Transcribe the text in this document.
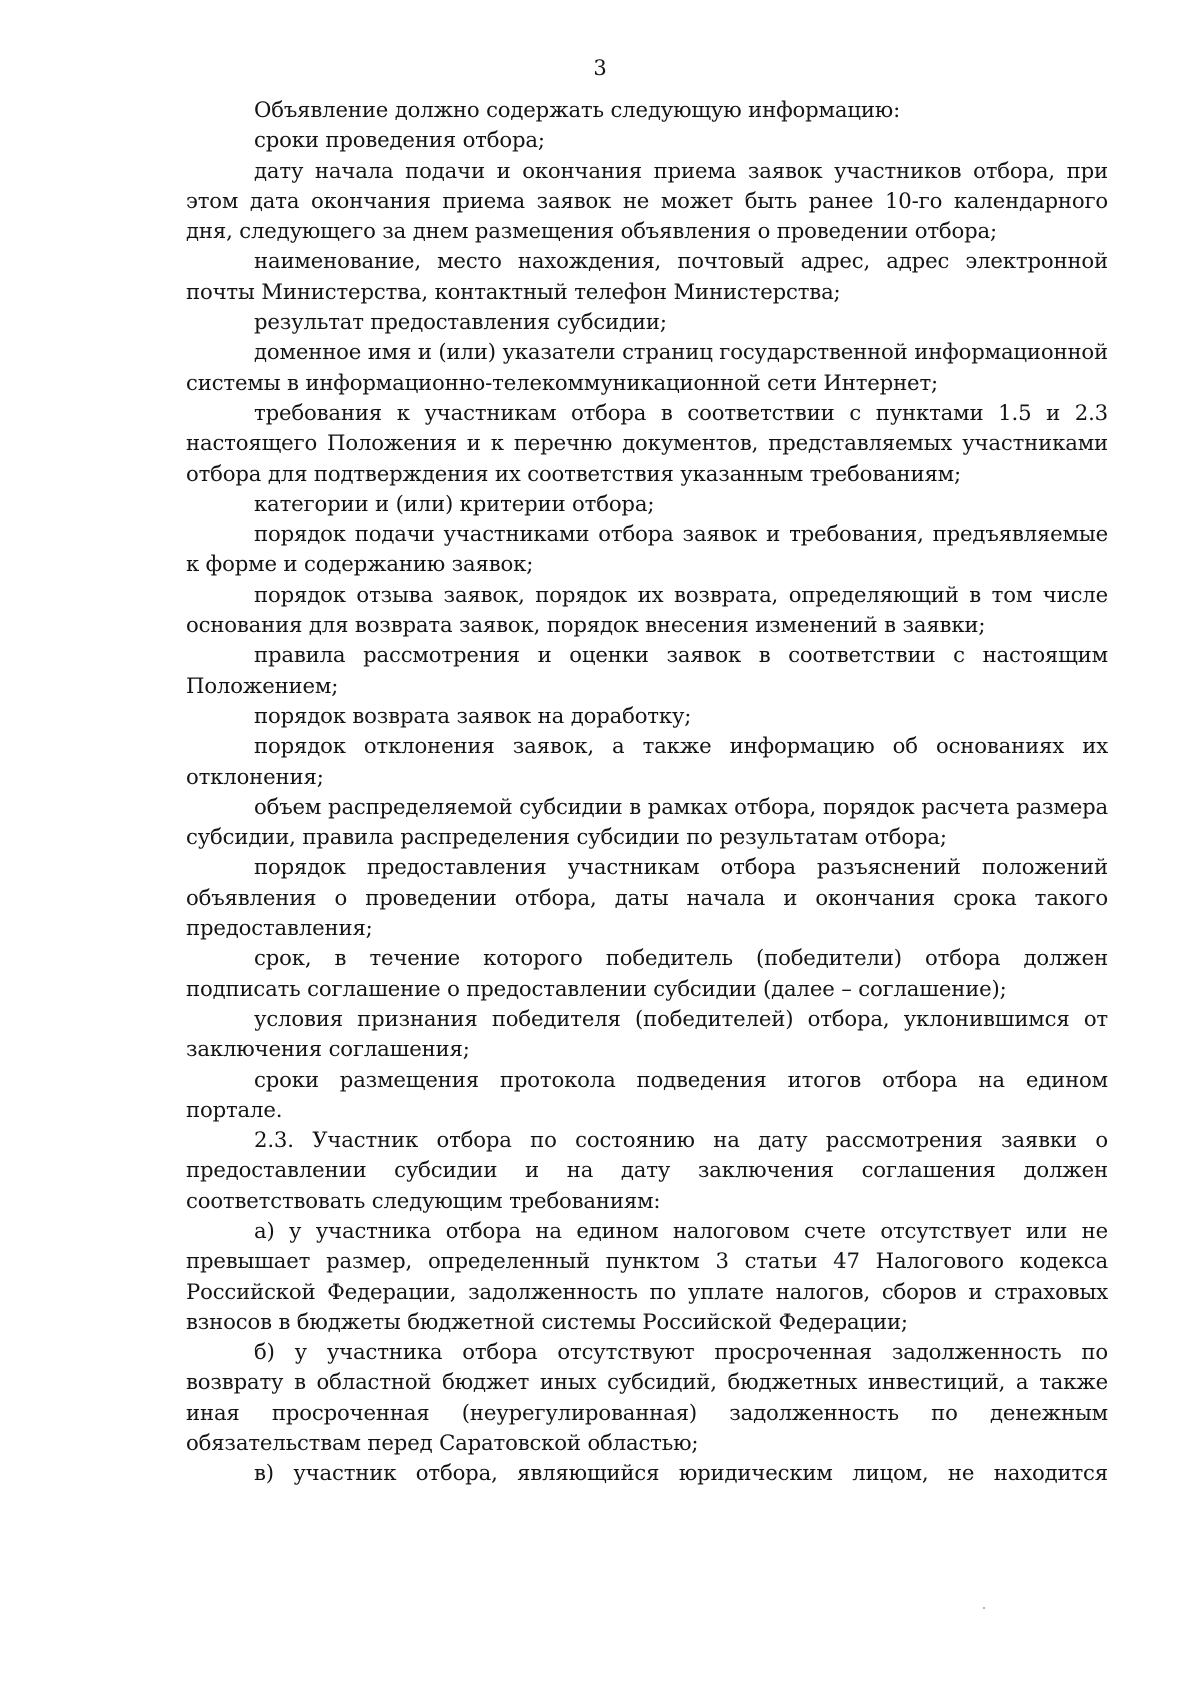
3

Объявление должно содержать следующую информацию:

сроки проведения отбора;

дату начала подачи и окончания приема заявок участников отбора, при этом дата окончания приема заявок не может быть ранее 10-го календарного дня, следующего за днем размещения объявления о проведении отбора;

наименование, место нахождения, почтовый адрес, адрес электронной почты Министерства, контактный телефон Министерства;

результат предоставления субсидии;

доменное имя и (или) указатели страниц государственной информационной системы в информационно-телекоммуникационной сети Интернет;

требования к участникам отбора в соответствии с пунктами 1.5 и 2.3 настоящего Положения и к перечню документов, представляемых участниками отбора для подтверждения их соответствия указанным требованиям;

категории и (или) критерии отбора;

порядок подачи участниками отбора заявок и требования, предъявляемые к форме и содержанию заявок;

порядок отзыва заявок, порядок их возврата, определяющий в том числе основания для возврата заявок, порядок внесения изменений в заявки;

правила рассмотрения и оценки заявок в соответствии с настоящим Положением;

порядок возврата заявок на доработку;

порядок отклонения заявок, а также информацию об основаниях их отклонения;

объем распределяемой субсидии в рамках отбора, порядок расчета размера субсидии, правила распределения субсидии по результатам отбора;

порядок предоставления участникам отбора разъяснений положений объявления о проведении отбора, даты начала и окончания срока такого предоставления;

срок, в течение которого победитель (победители) отбора должен подписать соглашение о предоставлении субсидии (далее – соглашение);

условия признания победителя (победителей) отбора, уклонившимся от заключения соглашения;

сроки размещения протокола подведения итогов отбора на едином портале.

2.3. Участник отбора по состоянию на дату рассмотрения заявки о предоставлении субсидии и на дату заключения соглашения должен соответствовать следующим требованиям:

а) у участника отбора на едином налоговом счете отсутствует или не превышает размер, определенный пунктом 3 статьи 47 Налогового кодекса Российской Федерации, задолженность по уплате налогов, сборов и страховых взносов в бюджеты бюджетной системы Российской Федерации;

б) у участника отбора отсутствуют просроченная задолженность по возврату в областной бюджет иных субсидий, бюджетных инвестиций, а также иная просроченная (неурегулированная) задолженность по денежным обязательствам перед Саратовской областью;

в) участник отбора, являющийся юридическим лицом, не находится
